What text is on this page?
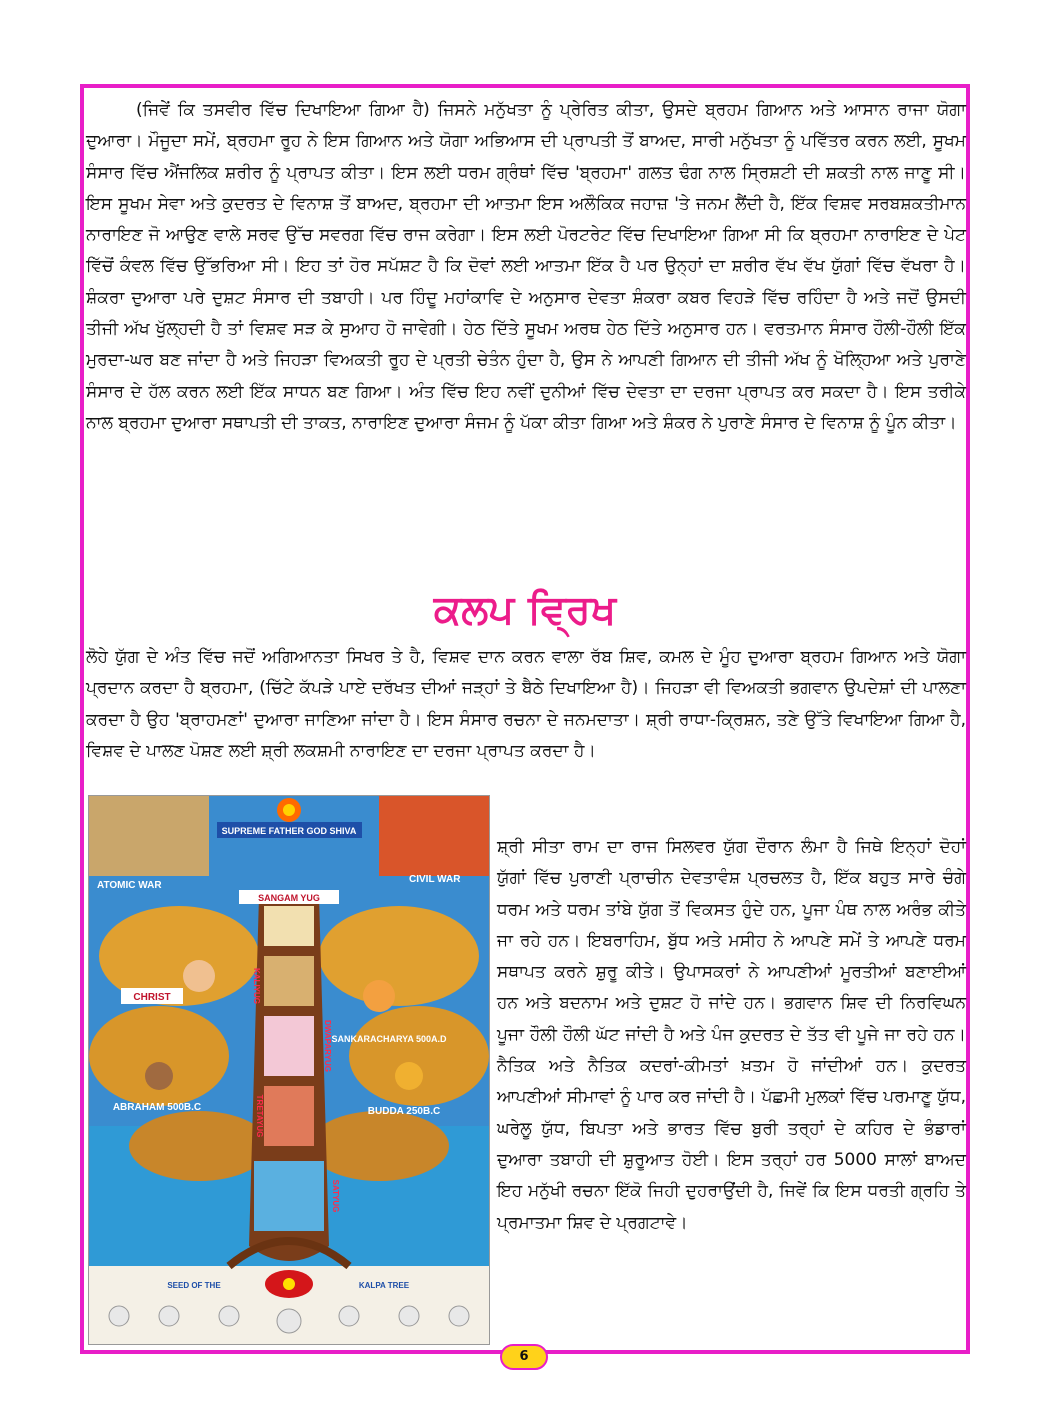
(ਜਿਵੇਂ ਕਿ ਤਸਵੀਰ ਵਿੱਚ ਦਿਖਾਇਆ ਗਿਆ ਹੈ) ਜਿਸਨੇ ਮਨੁੱਖਤਾ ਨੂੰ ਪ੍ਰੇਰਿਤ ਕੀਤਾ, ਉਸਦੇ ਬ੍ਰਹਮ ਗਿਆਨ ਅਤੇ ਆਸਾਨ ਰਾਜਾ ਯੋਗਾ ਦੁਆਰਾ। ਮੌਜੂਦਾ ਸਮੇਂ, ਬ੍ਰਹਮਾ ਰੂਹ ਨੇ ਇਸ ਗਿਆਨ ਅਤੇ ਯੋਗਾ ਅਭਿਆਸ ਦੀ ਪ੍ਰਾਪਤੀ ਤੋਂ ਬਾਅਦ, ਸਾਰੀ ਮਨੁੱਖਤਾ ਨੂੰ ਪਵਿੱਤਰ ਕਰਨ ਲਈ, ਸੂਖਮ ਸੰਸਾਰ ਵਿੱਚ ਐਂਜਲਿਕ ਸ਼ਰੀਰ ਨੂੰ ਪ੍ਰਾਪਤ ਕੀਤਾ। ਇਸ ਲਈ ਧਰਮ ਗ੍ਰੰਥਾਂ ਵਿੱਚ 'ਬ੍ਰਹਮਾ' ਗਲਤ ਢੰਗ ਨਾਲ ਸ੍ਰਿਸ਼ਟੀ ਦੀ ਸ਼ਕਤੀ ਨਾਲ ਜਾਣੂ ਸੀ। ਇਸ ਸੂਖਮ ਸੇਵਾ ਅਤੇ ਕੁਦਰਤ ਦੇ ਵਿਨਾਸ਼ ਤੋਂ ਬਾਅਦ, ਬ੍ਰਹਮਾ ਦੀ ਆਤਮਾ ਇਸ ਅਲੌਕਿਕ ਜਹਾਜ਼ 'ਤੇ ਜਨਮ ਲੈਂਦੀ ਹੈ, ਇੱਕ ਵਿਸ਼ਵ ਸਰਬਸ਼ਕਤੀਮਾਨ ਨਾਰਾਇਣ ਜੋ ਆਉਣ ਵਾਲੇ ਸਰਵ ਉੱਚ ਸਵਰਗ ਵਿੱਚ ਰਾਜ ਕਰੇਗਾ। ਇਸ ਲਈ ਪੋਰਟਰੇਟ ਵਿੱਚ ਦਿਖਾਇਆ ਗਿਆ ਸੀ ਕਿ ਬ੍ਰਹਮਾ ਨਾਰਾਇਣ ਦੇ ਪੇਟ ਵਿੱਚੋਂ ਕੰਵਲ ਵਿੱਚ ਉੱਭਰਿਆ ਸੀ। ਇਹ ਤਾਂ ਹੋਰ ਸਪੱਸ਼ਟ ਹੈ ਕਿ ਦੋਵਾਂ ਲਈ ਆਤਮਾ ਇੱਕ ਹੈ ਪਰ ਉਨ੍ਹਾਂ ਦਾ ਸ਼ਰੀਰ ਵੱਖ ਵੱਖ ਯੁੱਗਾਂ ਵਿੱਚ ਵੱਖਰਾ ਹੈ। ਸ਼ੰਕਰਾ ਦੁਆਰਾ ਪਰੇ ਦੁਸ਼ਟ ਸੰਸਾਰ ਦੀ ਤਬਾਹੀ। ਪਰ ਹਿੰਦੂ ਮਹਾਂਕਾਵਿ ਦੇ ਅਨੁਸਾਰ ਦੇਵਤਾ ਸ਼ੰਕਰਾ ਕਬਰ ਵਿਹੜੇ ਵਿੱਚ ਰਹਿੰਦਾ ਹੈ ਅਤੇ ਜਦੋਂ ਉਸਦੀ ਤੀਜੀ ਅੱਖ ਖੁੱਲ੍ਹਦੀ ਹੈ ਤਾਂ ਵਿਸ਼ਵ ਸੜ ਕੇ ਸੁਆਹ ਹੋ ਜਾਵੇਗੀ। ਹੇਠ ਦਿੱਤੇ ਸੂਖਮ ਅਰਥ ਹੇਠ ਦਿੱਤੇ ਅਨੁਸਾਰ ਹਨ। ਵਰਤਮਾਨ ਸੰਸਾਰ ਹੌਲੀ-ਹੌਲੀ ਇੱਕ ਮੁਰਦਾ-ਘਰ ਬਣ ਜਾਂਦਾ ਹੈ ਅਤੇ ਜਿਹੜਾ ਵਿਅਕਤੀ ਰੂਹ ਦੇ ਪ੍ਰਤੀ ਚੇਤੰਨ ਹੁੰਦਾ ਹੈ, ਉਸ ਨੇ ਆਪਣੀ ਗਿਆਨ ਦੀ ਤੀਜੀ ਅੱਖ ਨੂੰ ਖੋਲ੍ਹਿਆ ਅਤੇ ਪੁਰਾਣੇ ਸੰਸਾਰ ਦੇ ਹੱਲ ਕਰਨ ਲਈ ਇੱਕ ਸਾਧਨ ਬਣ ਗਿਆ। ਅੰਤ ਵਿੱਚ ਇਹ ਨਵੀਂ ਦੁਨੀਆਂ ਵਿੱਚ ਦੇਵਤਾ ਦਾ ਦਰਜਾ ਪ੍ਰਾਪਤ ਕਰ ਸਕਦਾ ਹੈ। ਇਸ ਤਰੀਕੇ ਨਾਲ ਬ੍ਰਹਮਾ ਦੁਆਰਾ ਸਥਾਪਤੀ ਦੀ ਤਾਕਤ, ਨਾਰਾਇਣ ਦੁਆਰਾ ਸੰਜਮ ਨੂੰ ਪੱਕਾ ਕੀਤਾ ਗਿਆ ਅਤੇ ਸ਼ੰਕਰ ਨੇ ਪੁਰਾਣੇ ਸੰਸਾਰ ਦੇ ਵਿਨਾਸ਼ ਨੂੰ ਪੂੰਨ ਕੀਤਾ।

ਕਲਪ ਵ੍ਰਿਖ

ਲੋਹੇ ਯੁੱਗ ਦੇ ਅੰਤ ਵਿੱਚ ਜਦੋਂ ਅਗਿਆਨਤਾ ਸਿਖਰ ਤੇ ਹੈ, ਵਿਸ਼ਵ ਦਾਨ ਕਰਨ ਵਾਲਾ ਰੱਬ ਸ਼ਿਵ, ਕਮਲ ਦੇ ਮੂੰਹ ਦੁਆਰਾ ਬ੍ਰਹਮ ਗਿਆਨ ਅਤੇ ਯੋਗਾ ਪ੍ਰਦਾਨ ਕਰਦਾ ਹੈ ਬ੍ਰਹਮਾ, (ਚਿੱਟੇ ਕੱਪੜੇ ਪਾਏ ਦਰੱਖਤ ਦੀਆਂ ਜੜ੍ਹਾਂ ਤੇ ਬੈਠੇ ਦਿਖਾਇਆ ਹੈ)। ਜਿਹੜਾ ਵੀ ਵਿਅਕਤੀ ਭਗਵਾਨ ਉਪਦੇਸ਼ਾਂ ਦੀ ਪਾਲਣਾ ਕਰਦਾ ਹੈ ਉਹ 'ਬ੍ਰਾਹਮਣਾਂ' ਦੁਆਰਾ ਜਾਣਿਆ ਜਾਂਦਾ ਹੈ। ਇਸ ਸੰਸਾਰ ਰਚਨਾ ਦੇ ਜਨਮਦਾਤਾ। ਸ਼੍ਰੀ ਰਾਧਾ-ਕ੍ਰਿਸ਼ਨ, ਤਣੇ ਉੱਤੇ ਵਿਖਾਇਆ ਗਿਆ ਹੈ, ਵਿਸ਼ਵ ਦੇ ਪਾਲਣ ਪੋਸ਼ਣ ਲਈ ਸ਼੍ਰੀ ਲਕਸ਼ਮੀ ਨਾਰਾਇਣ ਦਾ ਦਰਜਾ ਪ੍ਰਾਪਤ ਕਰਦਾ ਹੈ।

SUPREME FATHER GOD SHIVA
ATOMIC WAR
CIVIL WAR
SANGAM YUG
KALIYUG
DWAPARYUG
TRETAYUG
SATYUG
CHRIST
SANKARACHARYA 500A.D
ABRAHAM 500B.C	BUDDA 250B.C
SEED OF THE	KALPA TREE

ਸ਼੍ਰੀ ਸੀਤਾ ਰਾਮ ਦਾ ਰਾਜ ਸਿਲਵਰ ਯੁੱਗ ਦੌਰਾਨ ਲੰਮਾ ਹੈ ਜਿਥੇ ਇਨ੍ਹਾਂ ਦੋਹਾਂ ਯੁੱਗਾਂ ਵਿੱਚ ਪੁਰਾਣੀ ਪ੍ਰਾਚੀਨ ਦੇਵਤਾਵੰਸ਼ ਪ੍ਰਚਲਤ ਹੈ, ਇੱਕ ਬਹੁਤ ਸਾਰੇ ਚੰਗੇ ਧਰਮ ਅਤੇ ਧਰਮ ਤਾਂਬੇ ਯੁੱਗ ਤੋਂ ਵਿਕਸਤ ਹੁੰਦੇ ਹਨ, ਪੂਜਾ ਪੰਥ ਨਾਲ ਅਰੰਭ ਕੀਤੇ ਜਾ ਰਹੇ ਹਨ। ਇਬਰਾਹਿਮ, ਬੁੱਧ ਅਤੇ ਮਸੀਹ ਨੇ ਆਪਣੇ ਸਮੇਂ ਤੇ ਆਪਣੇ ਧਰਮ ਸਥਾਪਤ ਕਰਨੇ ਸ਼ੁਰੂ ਕੀਤੇ। ਉਪਾਸਕਰਾਂ ਨੇ ਆਪਣੀਆਂ ਮੂਰਤੀਆਂ ਬਣਾਈਆਂ ਹਨ ਅਤੇ ਬਦਨਾਮ ਅਤੇ ਦੁਸ਼ਟ ਹੋ ਜਾਂਦੇ ਹਨ। ਭਗਵਾਨ ਸ਼ਿਵ ਦੀ ਨਿਰਵਿਘਨ ਪੂਜਾ ਹੌਲੀ ਹੌਲੀ ਘੱਟ ਜਾਂਦੀ ਹੈ ਅਤੇ ਪੰਜ ਕੁਦਰਤ ਦੇ ਤੱਤ ਵੀ ਪੂਜੇ ਜਾ ਰਹੇ ਹਨ। ਨੈਤਿਕ ਅਤੇ ਨੈਤਿਕ ਕਦਰਾਂ-ਕੀਮਤਾਂ ਖ਼ਤਮ ਹੋ ਜਾਂਦੀਆਂ ਹਨ। ਕੁਦਰਤ ਆਪਣੀਆਂ ਸੀਮਾਵਾਂ ਨੂੰ ਪਾਰ ਕਰ ਜਾਂਦੀ ਹੈ। ਪੱਛਮੀ ਮੁਲਕਾਂ ਵਿੱਚ ਪਰਮਾਣੂ ਯੁੱਧ, ਘਰੇਲੂ ਯੁੱਧ, ਬਿਪਤਾ ਅਤੇ ਭਾਰਤ ਵਿੱਚ ਬੁਰੀ ਤਰ੍ਹਾਂ ਦੇ ਕਹਿਰ ਦੇ ਭੰਡਾਰਾਂ ਦੁਆਰਾ ਤਬਾਹੀ ਦੀ ਸ਼ੁਰੂਆਤ ਹੋਈ। ਇਸ ਤਰ੍ਹਾਂ ਹਰ 5000 ਸਾਲਾਂ ਬਾਅਦ ਇਹ ਮਨੁੱਖੀ ਰਚਨਾ ਇੱਕੋ ਜਿਹੀ ਦੁਹਰਾਉਂਦੀ ਹੈ, ਜਿਵੇਂ ਕਿ ਇਸ ਧਰਤੀ ਗ੍ਰਹਿ ਤੇ ਪ੍ਰਮਾਤਮਾ ਸ਼ਿਵ ਦੇ ਪ੍ਰਗਟਾਵੇ।

6
